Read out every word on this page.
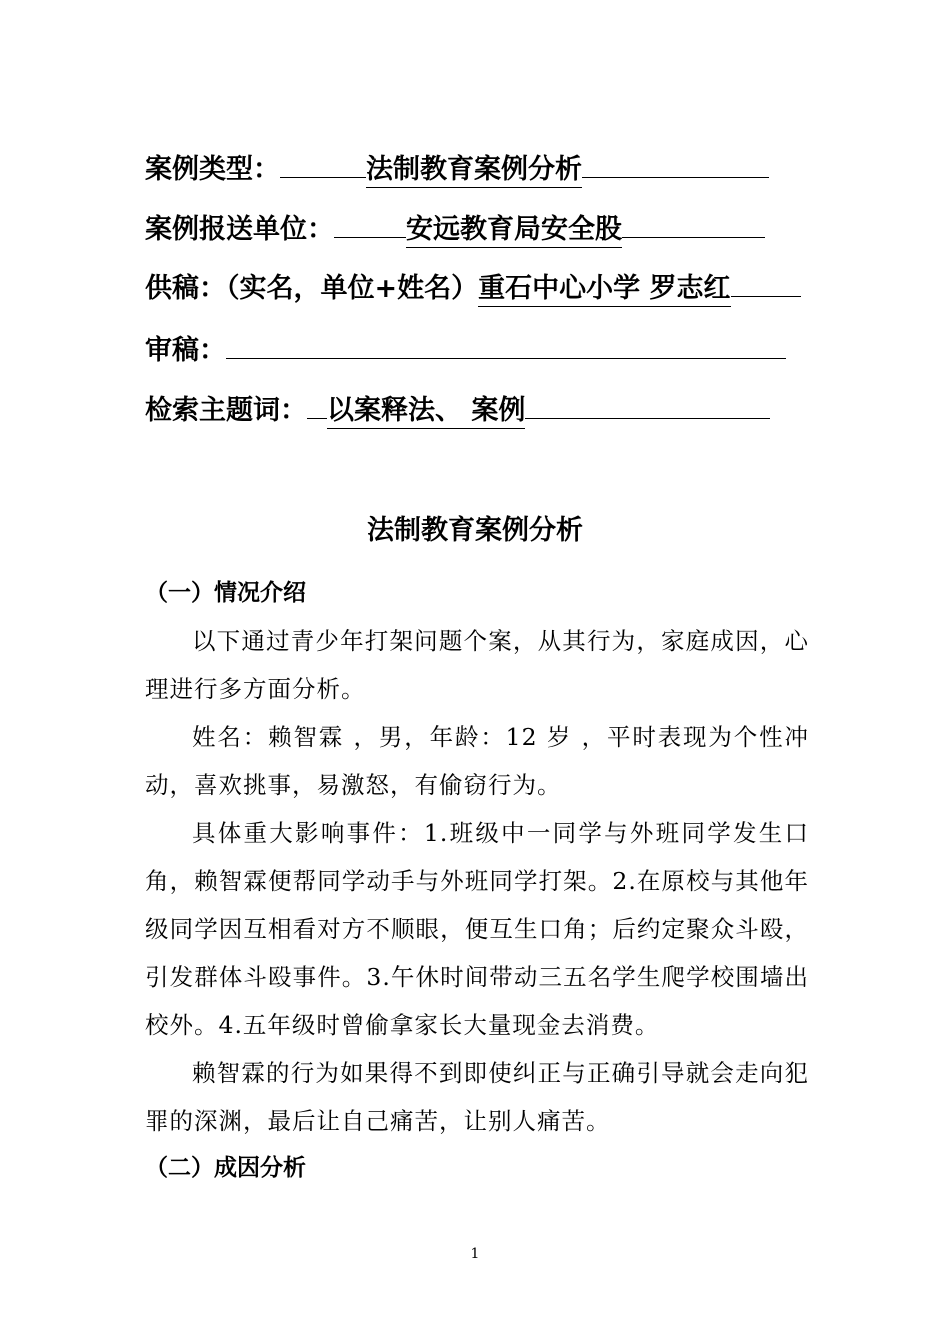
案例类型：	法制教育案例分析
案例报送单位：	安远教育局安全股
供稿：（实名，单位+姓名）重石中心小学 罗志红
审稿：
检索主题词： 以案释法、 案例
法制教育案例分析
（一）情况介绍
以下通过青少年打架问题个案，从其行为，家庭成因，心理进行多方面分析。
姓名：赖智霖 ，男，年龄：12 岁 ，平时表现为个性冲动，喜欢挑事，易激怒，有偷窃行为。
具体重大影响事件：1.班级中一同学与外班同学发生口角，赖智霖便帮同学动手与外班同学打架。2.在原校与其他年级同学因互相看对方不顺眼，便互生口角；后约定聚众斗殴，引发群体斗殴事件。3.午休时间带动三五名学生爬学校围墙出校外。4.五年级时曾偷拿家长大量现金去消费。
赖智霖的行为如果得不到即使纠正与正确引导就会走向犯罪的深渊，最后让自己痛苦，让别人痛苦。
（二）成因分析
1
